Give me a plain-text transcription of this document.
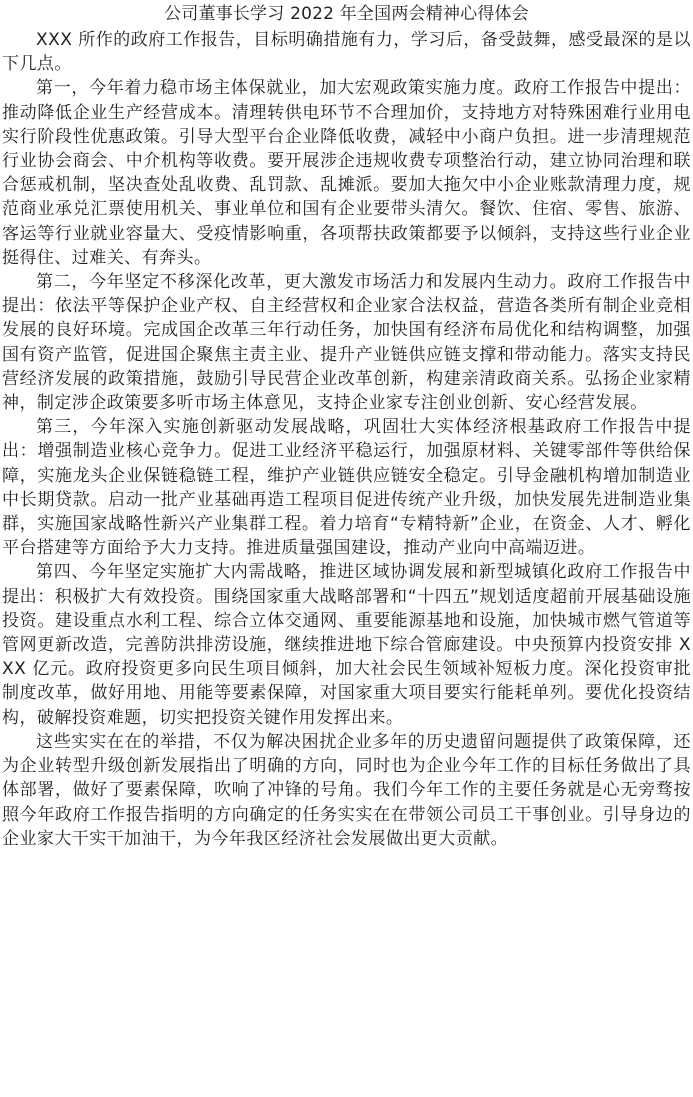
公司董事长学习 2022 年全国两会精神心得体会

XXX 所作的政府工作报告，目标明确措施有力，学习后，备受鼓舞，感受最深的是以下几点。

第一，今年着力稳市场主体保就业，加大宏观政策实施力度。政府工作报告中提出：推动降低企业生产经营成本。清理转供电环节不合理加价，支持地方对特殊困难行业用电实行阶段性优惠政策。引导大型平台企业降低收费，减轻中小商户负担。进一步清理规范行业协会商会、中介机构等收费。要开展涉企违规收费专项整治行动，建立协同治理和联合惩戒机制，坚决查处乱收费、乱罚款、乱摊派。要加大拖欠中小企业账款清理力度，规范商业承兑汇票使用机关、事业单位和国有企业要带头清欠。餐饮、住宿、零售、旅游、客运等行业就业容量大、受疫情影响重，各项帮扶政策都要予以倾斜，支持这些行业企业挺得住、过难关、有奔头。

第二，今年坚定不移深化改革，更大激发市场活力和发展内生动力。政府工作报告中提出：依法平等保护企业产权、自主经营权和企业家合法权益，营造各类所有制企业竞相发展的良好环境。完成国企改革三年行动任务，加快国有经济布局优化和结构调整，加强国有资产监管，促进国企聚焦主责主业、提升产业链供应链支撑和带动能力。落实支持民营经济发展的政策措施，鼓励引导民营企业改革创新，构建亲清政商关系。弘扬企业家精神，制定涉企政策要多听市场主体意见，支持企业家专注创业创新、安心经营发展。

第三，今年深入实施创新驱动发展战略，巩固壮大实体经济根基政府工作报告中提出：增强制造业核心竞争力。促进工业经济平稳运行，加强原材料、关键零部件等供给保障，实施龙头企业保链稳链工程，维护产业链供应链安全稳定。引导金融机构增加制造业中长期贷款。启动一批产业基础再造工程项目促进传统产业升级，加快发展先进制造业集群，实施国家战略性新兴产业集群工程。着力培育“专精特新”企业，在资金、人才、孵化平台搭建等方面给予大力支持。推进质量强国建设，推动产业向中高端迈进。

第四、今年坚定实施扩大内需战略，推进区域协调发展和新型城镇化政府工作报告中提出：积极扩大有效投资。围绕国家重大战略部署和“十四五”规划适度超前开展基础设施投资。建设重点水利工程、综合立体交通网、重要能源基地和设施，加快城市燃气管道等管网更新改造，完善防洪排涝设施，继续推进地下综合管廊建设。中央预算内投资安排 XXX 亿元。政府投资更多向民生项目倾斜，加大社会民生领域补短板力度。深化投资审批制度改革，做好用地、用能等要素保障，对国家重大项目要实行能耗单列。要优化投资结构，破解投资难题，切实把投资关键作用发挥出来。

这些实实在在的举措，不仅为解决困扰企业多年的历史遗留问题提供了政策保障，还为企业转型升级创新发展指出了明确的方向，同时也为企业今年工作的目标任务做出了具体部署，做好了要素保障，吹响了冲锋的号角。我们今年工作的主要任务就是心无旁骛按照今年政府工作报告指明的方向确定的任务实实在在带领公司员工干事创业。引导身边的企业家大干实干加油干，为今年我区经济社会发展做出更大贡献。
